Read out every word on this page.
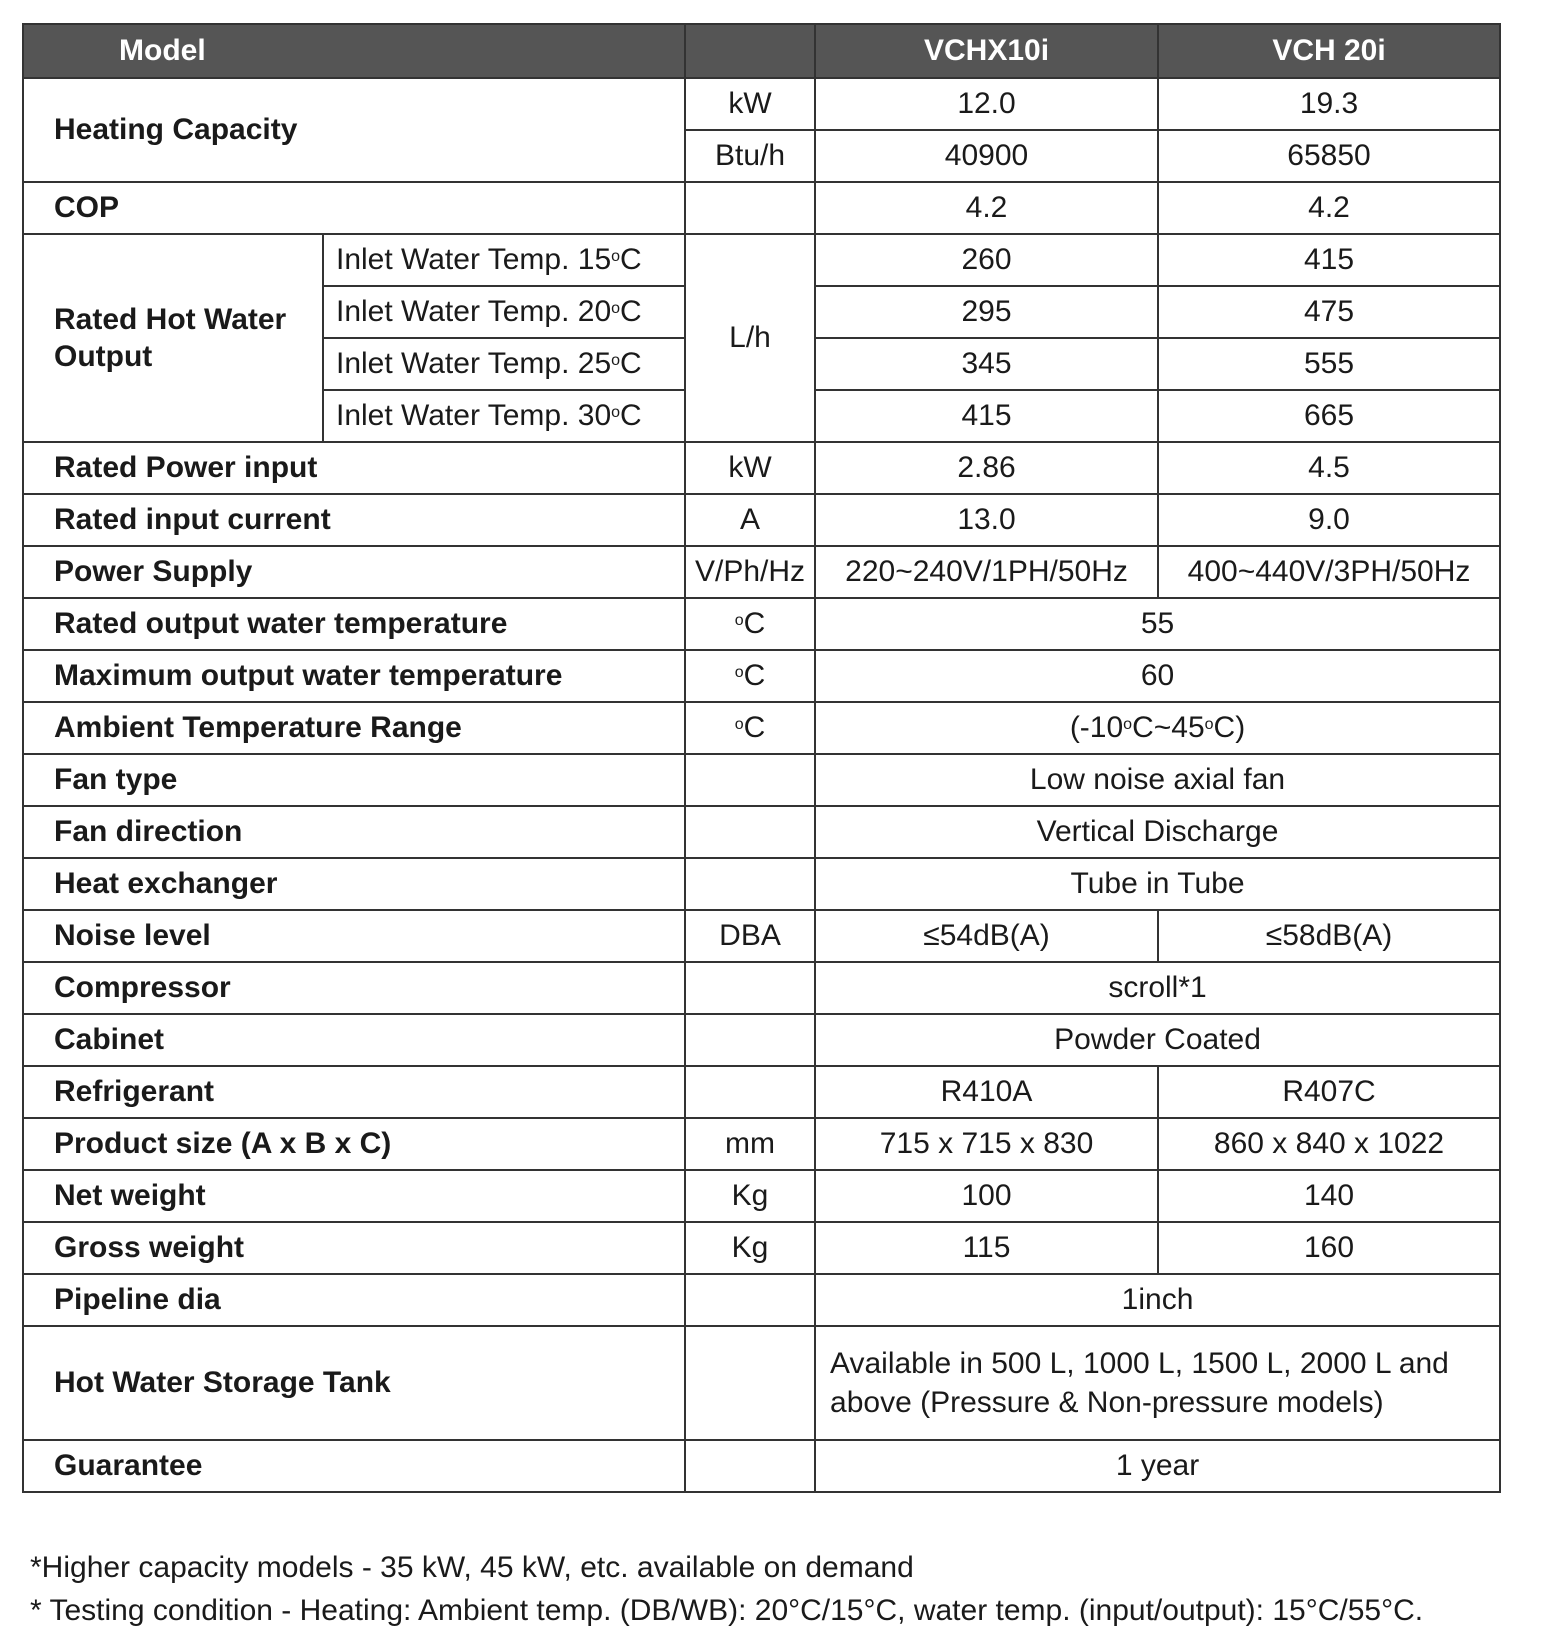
Model			VCHX10i	VCH 20i
Heating Capacity		kW	12.0	19.3
		Btu/h	40900	65850
COP			4.2	4.2
Rated Hot Water Output	Inlet Water Temp. 15$^o$C	L/h	260	415
	Inlet Water Temp. 20$^o$C		295	475
	Inlet Water Temp. 25$^o$C		345	555
	Inlet Water Temp. 30$^o$C		415	665
Rated Power input		kW	2.86	4.5
Rated input current		A	13.0	9.0
Power Supply		V/Ph/Hz	220~240V/1PH/50Hz	400~440V/3PH/50Hz
Rated output water temperature		$^o$C	55	
Maximum output water temperature		$^o$C	60	
Ambient Temperature Range		$^o$C	(-10$^o$C~45$^o$C)	
Fan type			Low noise axial fan	
Fan direction			Vertical Discharge	
Heat exchanger			Tube in Tube	
Noise level		DBA	≤54dB(A)	≤58dB(A)
Compressor			scroll*1	
Cabinet			Powder Coated	
Refrigerant			R410A	R407C
Product size (A x B x C)		mm	715 x 715 x 830	860 x 840 x 1022
Net weight		Kg	100	140
Gross weight		Kg	115	160
Pipeline dia			1inch	
Hot Water Storage Tank			Available in 500 L, 1000 L, 1500 L, 2000 L and above (Pressure & Non-pressure models)	
Guarantee			1 year	
*Higher capacity models - 35 kW, 45 kW, etc. available on demand
* Testing condition - Heating: Ambient temp. (DB/WB): 20°C/15°C, water temp. (input/output): 15°C/55°C.
